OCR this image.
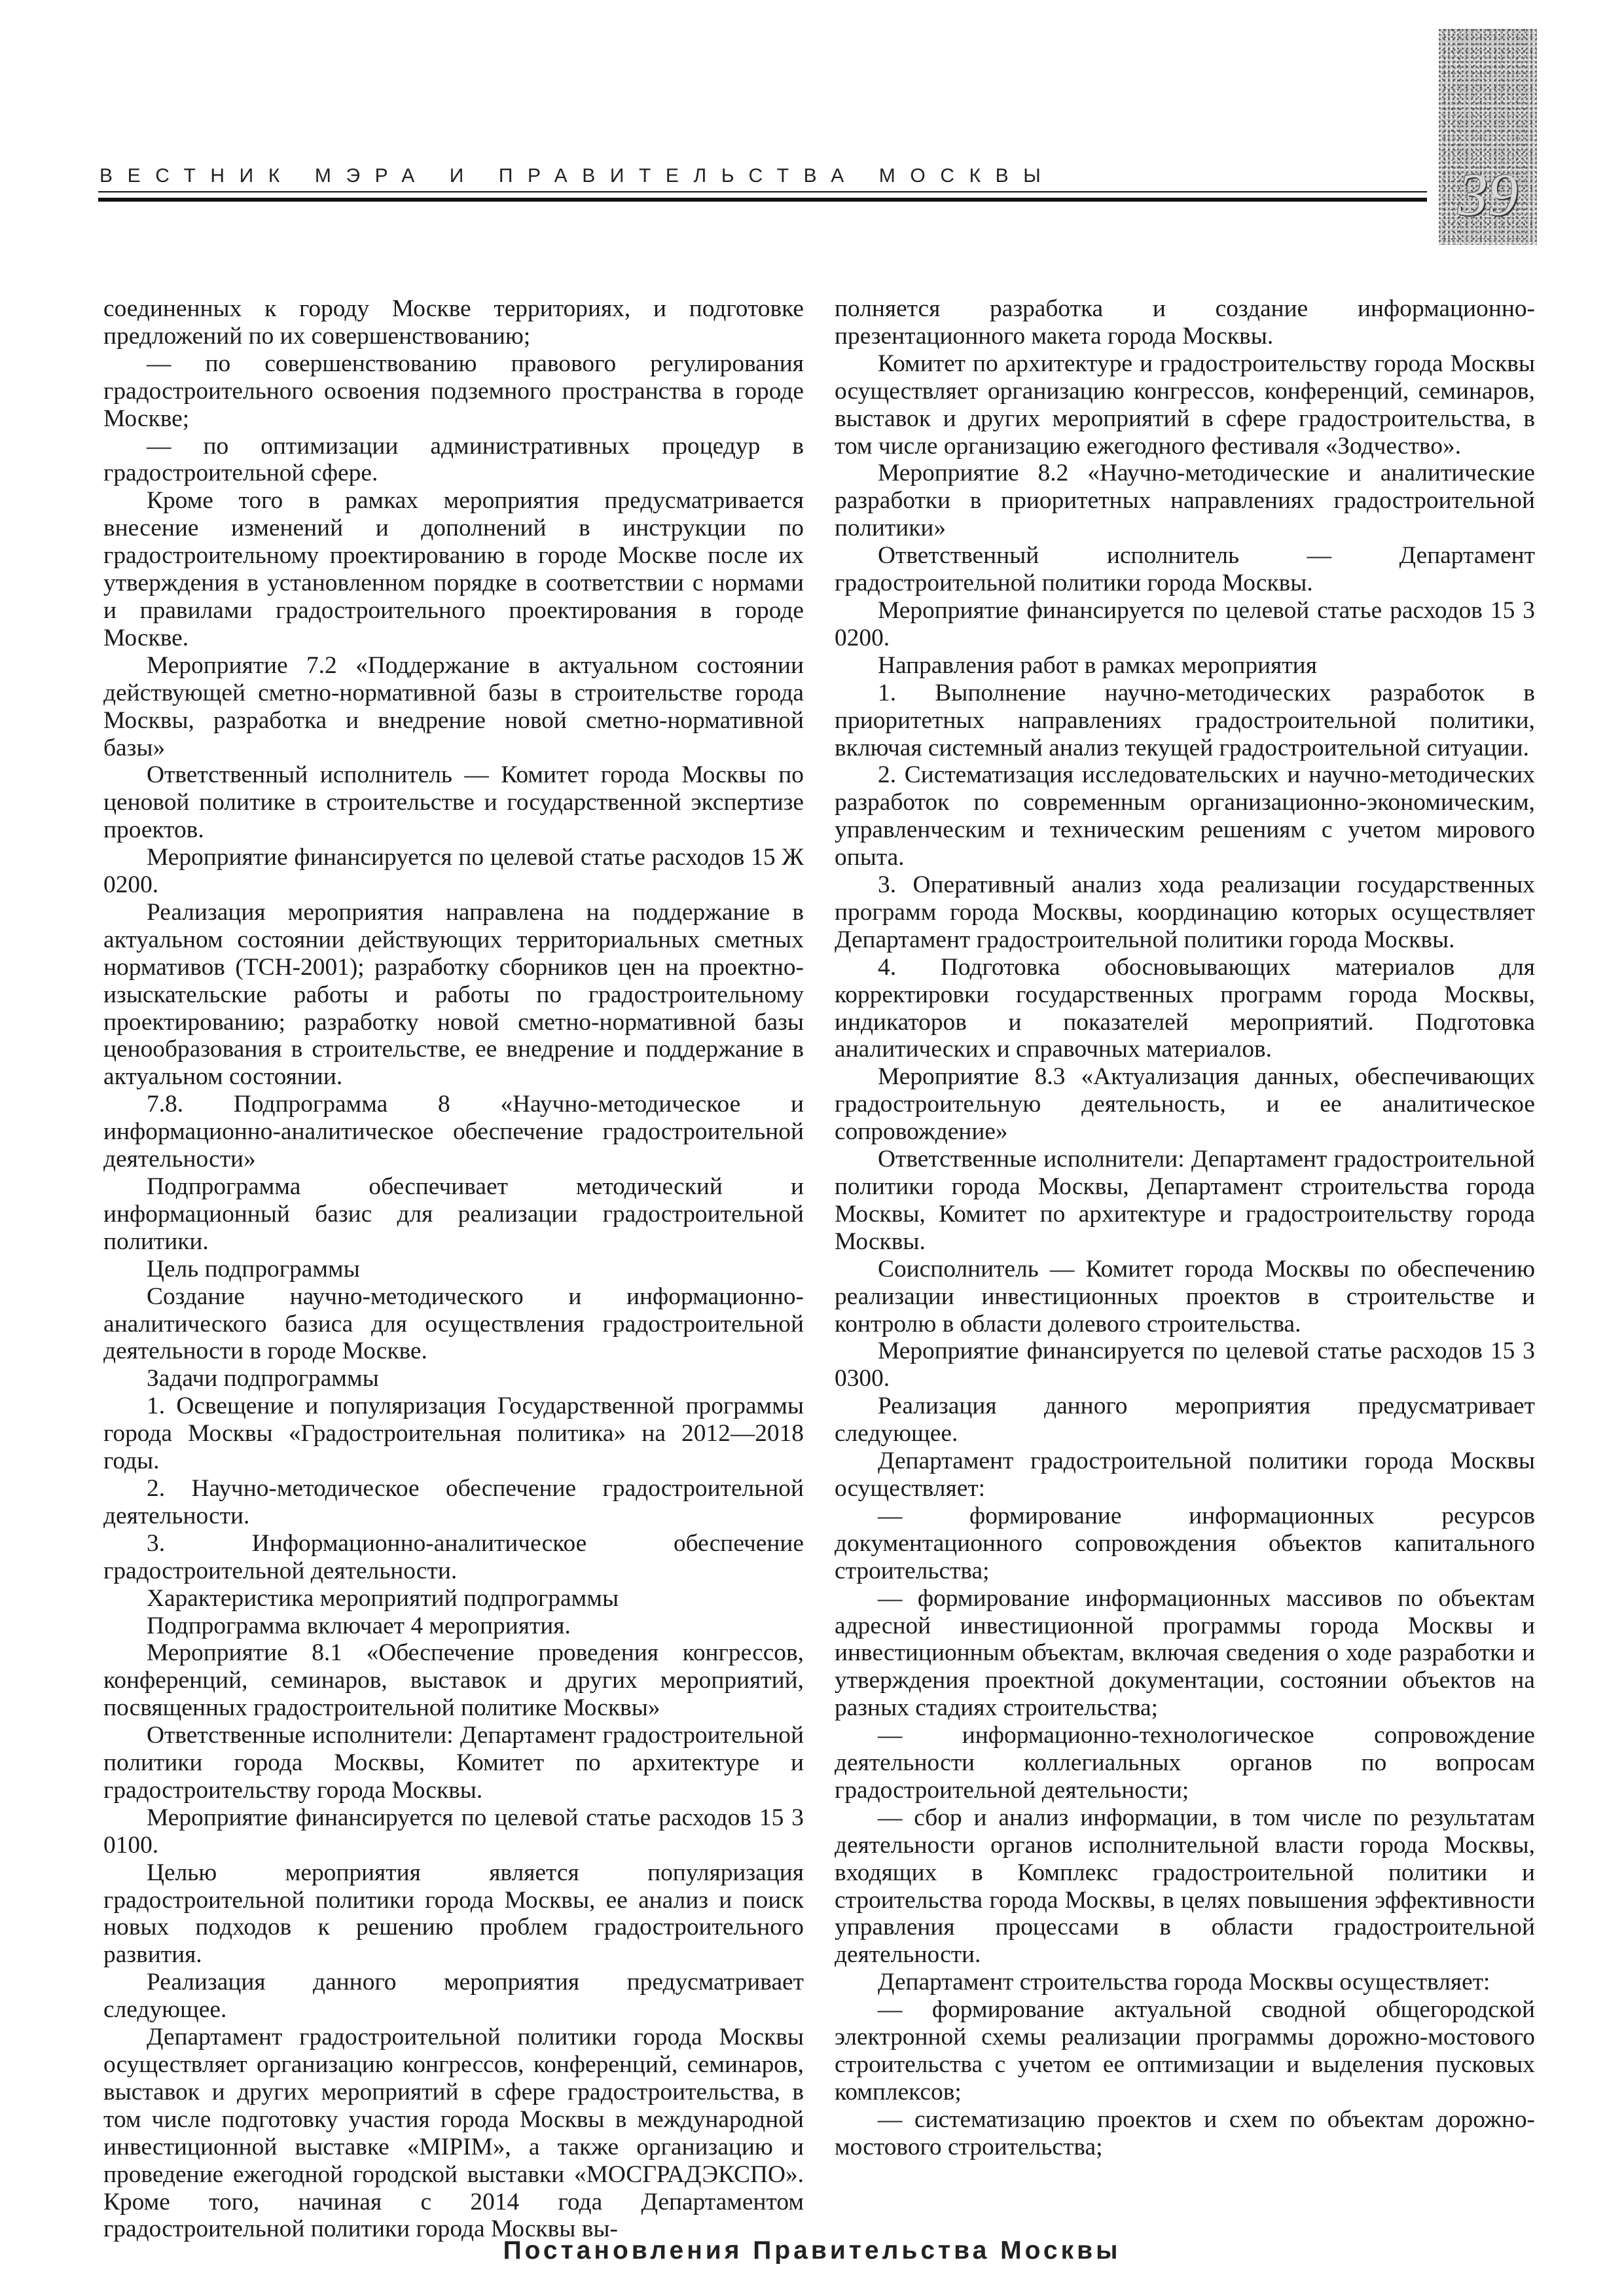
ВЕСТНИК МЭРА И ПРАВИТЕЛЬСТВА МОСКВЫ	39

соединенных к городу Москве территориях, и подготовке предложений по их совершенствованию;

— по совершенствованию правового регулирования градостроительного освоения подземного пространства в городе Москве;

— по оптимизации административных процедур в градостроительной сфере.

Кроме того в рамках мероприятия предусматривается внесение изменений и дополнений в инструкции по градостроительному проектированию в городе Москве после их утверждения в установленном порядке в соответствии с нормами и правилами градостроительного проектирования в городе Москве.

Мероприятие 7.2 «Поддержание в актуальном состоянии действующей сметно-нормативной базы в строительстве города Москвы, разработка и внедрение новой сметно-нормативной базы»

Ответственный исполнитель — Комитет города Москвы по ценовой политике в строительстве и государственной экспертизе проектов.

Мероприятие финансируется по целевой статье расходов 15 Ж 0200.

Реализация мероприятия направлена на поддержание в актуальном состоянии действующих территориальных сметных нормативов (ТСН-2001); разработку сборников цен на проектно-изыскательские работы и работы по градостроительному проектированию; разработку новой сметно-нормативной базы ценообразования в строительстве, ее внедрение и поддержание в актуальном состоянии.

7.8. Подпрограмма 8 «Научно-методическое и информационно-аналитическое обеспечение градостроительной деятельности»

Подпрограмма обеспечивает методический и информационный базис для реализации градостроительной политики.

Цель подпрограммы

Создание научно-методического и информационно-аналитического базиса для осуществления градостроительной деятельности в городе Москве.

Задачи подпрограммы

1. Освещение и популяризация Государственной программы города Москвы «Градостроительная политика» на 2012—2018 годы.

2. Научно-методическое обеспечение градостроительной деятельности.

3. Информационно-аналитическое обеспечение градостроительной деятельности.

Характеристика мероприятий подпрограммы

Подпрограмма включает 4 мероприятия.

Мероприятие 8.1 «Обеспечение проведения конгрессов, конференций, семинаров, выставок и других мероприятий, посвященных градостроительной политике Москвы»

Ответственные исполнители: Департамент градостроительной политики города Москвы, Комитет по архитектуре и градостроительству города Москвы.

Мероприятие финансируется по целевой статье расходов 15 3 0100.

Целью мероприятия является популяризация градостроительной политики города Москвы, ее анализ и поиск новых подходов к решению проблем градостроительного развития.

Реализация данного мероприятия предусматривает следующее.

Департамент градостроительной политики города Москвы осуществляет организацию конгрессов, конференций, семинаров, выставок и других мероприятий в сфере градостроительства, в том числе подготовку участия города Москвы в международной инвестиционной выставке «MIPIM», а также организацию и проведение ежегодной городской выставки «МОСГРАДЭКСПО». Кроме того, начиная с 2014 года Департаментом градостроительной политики города Москвы вы-

полняется разработка и создание информационно-презентационного макета города Москвы.

Комитет по архитектуре и градостроительству города Москвы осуществляет организацию конгрессов, конференций, семинаров, выставок и других мероприятий в сфере градостроительства, в том числе организацию ежегодного фестиваля «Зодчество».

Мероприятие 8.2 «Научно-методические и аналитические разработки в приоритетных направлениях градостроительной политики»

Ответственный исполнитель — Департамент градостроительной политики города Москвы.

Мероприятие финансируется по целевой статье расходов 15 3 0200.

Направления работ в рамках мероприятия

1. Выполнение научно-методических разработок в приоритетных направлениях градостроительной политики, включая системный анализ текущей градостроительной ситуации.

2. Систематизация исследовательских и научно-методических разработок по современным организационно-экономическим, управленческим и техническим решениям с учетом мирового опыта.

3. Оперативный анализ хода реализации государственных программ города Москвы, координацию которых осуществляет Департамент градостроительной политики города Москвы.

4. Подготовка обосновывающих материалов для корректировки государственных программ города Москвы, индикаторов и показателей мероприятий. Подготовка аналитических и справочных материалов.

Мероприятие 8.3 «Актуализация данных, обеспечивающих градостроительную деятельность, и ее аналитическое сопровождение»

Ответственные исполнители: Департамент градостроительной политики города Москвы, Департамент строительства города Москвы, Комитет по архитектуре и градостроительству города Москвы.

Соисполнитель — Комитет города Москвы по обеспечению реализации инвестиционных проектов в строительстве и контролю в области долевого строительства.

Мероприятие финансируется по целевой статье расходов 15 3 0300.

Реализация данного мероприятия предусматривает следующее.

Департамент градостроительной политики города Москвы осуществляет:

— формирование информационных ресурсов документационного сопровождения объектов капитального строительства;

— формирование информационных массивов по объектам адресной инвестиционной программы города Москвы и инвестиционным объектам, включая сведения о ходе разработки и утверждения проектной документации, состоянии объектов на разных стадиях строительства;

— информационно-технологическое сопровождение деятельности коллегиальных органов по вопросам градостроительной деятельности;

— сбор и анализ информации, в том числе по результатам деятельности органов исполнительной власти города Москвы, входящих в Комплекс градостроительной политики и строительства города Москвы, в целях повышения эффективности управления процессами в области градостроительной деятельности.

Департамент строительства города Москвы осуществляет:

— формирование актуальной сводной общегородской электронной схемы реализации программы дорожно-мостового строительства с учетом ее оптимизации и выделения пусковых комплексов;

— систематизацию проектов и схем по объектам дорожно-мостового строительства;

Постановления Правительства Москвы
